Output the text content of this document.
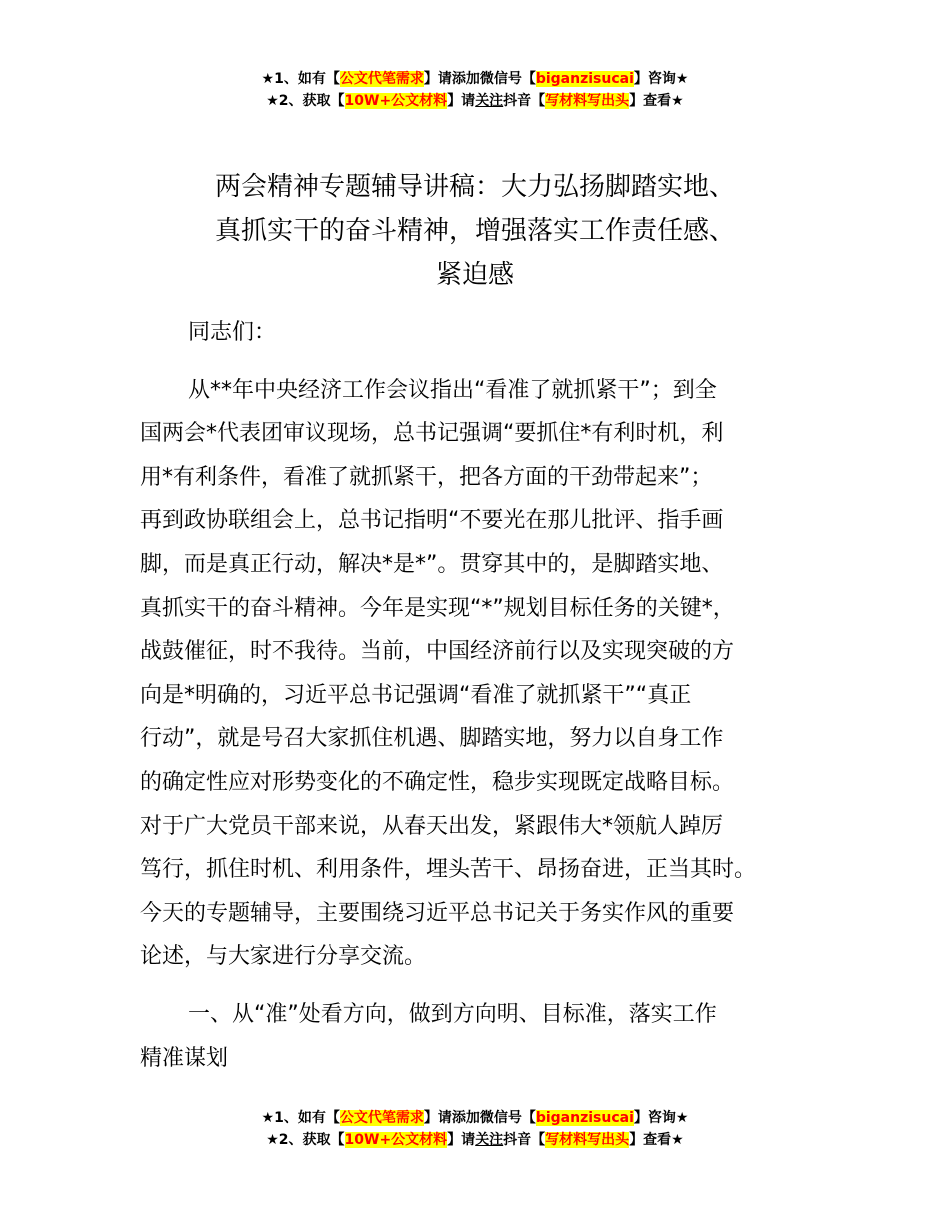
★1、如有【公文代笔需求】请添加微信号【biganzisucai】咨询★
★2、获取【10W+公文材料】请关注抖音【写材料写出头】查看★
两会精神专题辅导讲稿：大力弘扬脚踏实地、
真抓实干的奋斗精神，增强落实工作责任感、
紧迫感

同志们：

从**年中央经济工作会议指出“看准了就抓紧干”；到全
国两会*代表团审议现场，总书记强调“要抓住*有利时机，利
用*有利条件，看准了就抓紧干，把各方面的干劲带起来”；
再到政协联组会上，总书记指明“不要光在那儿批评、指手画
脚，而是真正行动，解决*是*”。贯穿其中的，是脚踏实地、
真抓实干的奋斗精神。今年是实现“*”规划目标任务的关键*，
战鼓催征，时不我待。当前，中国经济前行以及实现突破的方
向是*明确的，习近平总书记强调“看准了就抓紧干”“真正
行动”，就是号召大家抓住机遇、脚踏实地，努力以自身工作
的确定性应对形势变化的不确定性，稳步实现既定战略目标。
对于广大党员干部来说，从春天出发，紧跟伟大*领航人踔厉
笃行，抓住时机、利用条件，埋头苦干、昂扬奋进，正当其时。
今天的专题辅导，主要围绕习近平总书记关于务实作风的重要
论述，与大家进行分享交流。

一、从“准”处看方向，做到方向明、目标准，落实工作
精准谋划

★1、如有【公文代笔需求】请添加微信号【biganzisucai】咨询★
★2、获取【10W+公文材料】请关注抖音【写材料写出头】查看★
